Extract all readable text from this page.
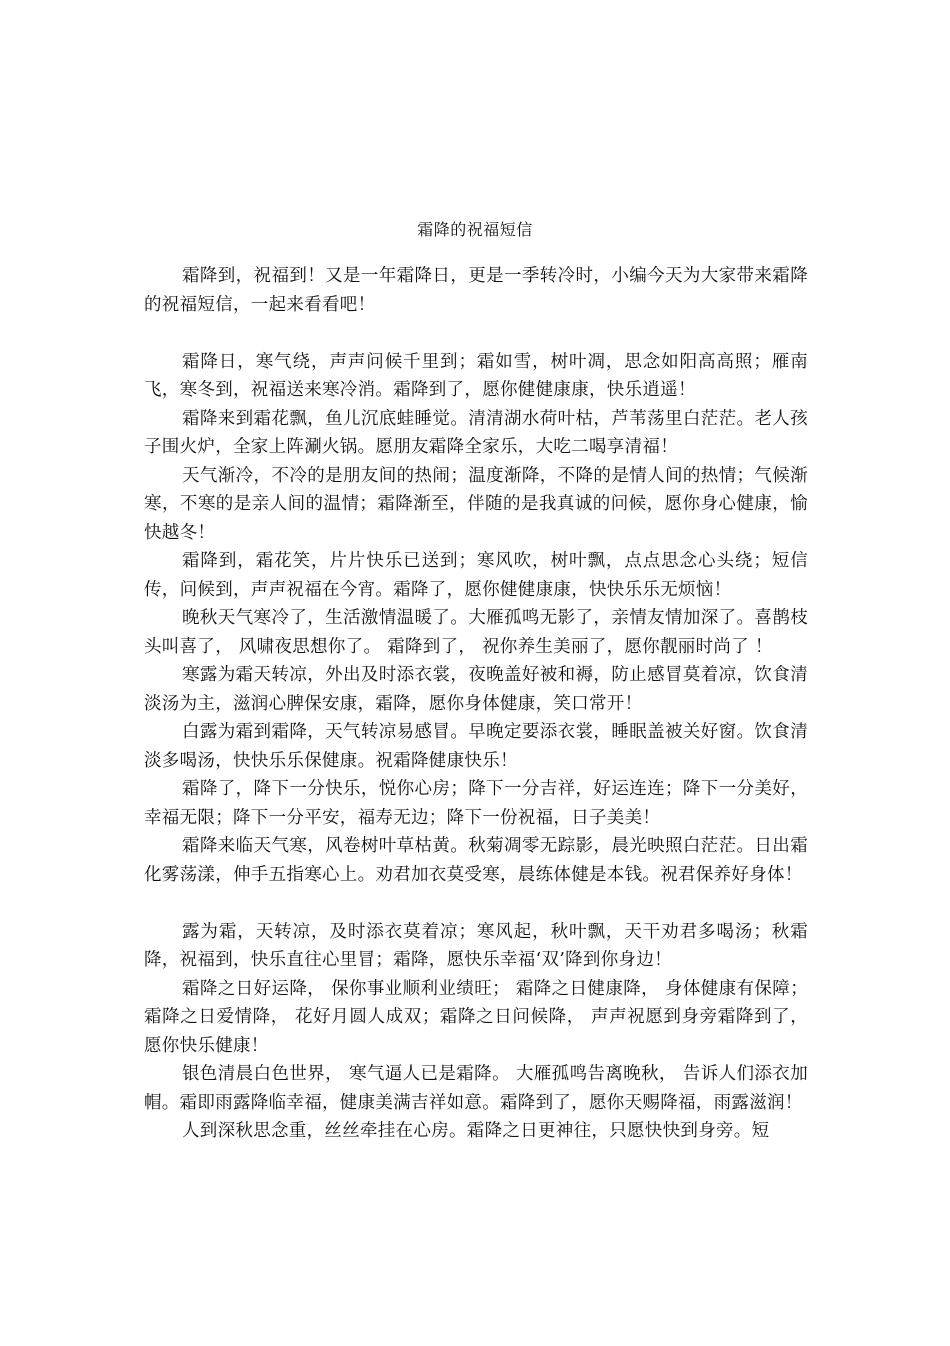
霜降的祝福短信

霜降到，祝福到！又是一年霜降日，更是一季转冷时，小编今天为大家带来霜降的祝福短信，一起来看看吧！

霜降日，寒气绕，声声问候千里到；霜如雪，树叶凋，思念如阳高高照；雁南飞，寒冬到，祝福送来寒冷消。霜降到了，愿你健健康康，快乐逍遥！

霜降来到霜花飘，鱼儿沉底蛙睡觉。清清湖水荷叶枯，芦苇荡里白茫茫。老人孩子围火炉，全家上阵涮火锅。愿朋友霜降全家乐，大吃二喝享清福！

天气渐冷，不冷的是朋友间的热闹；温度渐降，不降的是情人间的热情；气候渐寒，不寒的是亲人间的温情；霜降渐至，伴随的是我真诚的问候，愿你身心健康，愉快越冬！

霜降到，霜花笑，片片快乐已送到；寒风吹，树叶飘，点点思念心头绕；短信传，问候到，声声祝福在今宵。霜降了，愿你健健康康，快快乐乐无烦恼！

晚秋天气寒冷了，生活激情温暖了。大雁孤鸣无影了，亲情友情加深了。喜鹊枝头叫喜了， 风啸夜思想你了。 霜降到了， 祝你养生美丽了，愿你靓丽时尚了 ！

寒露为霜天转凉，外出及时添衣裳，夜晚盖好被和褥，防止感冒莫着凉，饮食清淡汤为主，滋润心脾保安康，霜降，愿你身体健康，笑口常开！

白露为霜到霜降，天气转凉易感冒。早晚定要添衣裳，睡眠盖被关好窗。饮食清淡多喝汤，快快乐乐保健康。祝霜降健康快乐！

霜降了，降下一分快乐，悦你心房；降下一分吉祥，好运连连；降下一分美好，幸福无限；降下一分平安，福寿无边；降下一份祝福，日子美美！

霜降来临天气寒，风卷树叶草枯黄。秋菊凋零无踪影，晨光映照白茫茫。日出霜化雾荡漾，伸手五指寒心上。劝君加衣莫受寒，晨练体健是本钱。祝君保养好身体！

露为霜，天转凉，及时添衣莫着凉；寒风起，秋叶飘，天干劝君多喝汤；秋霜降，祝福到，快乐直往心里冒；霜降，愿快乐幸福‘双’降到你身边！

霜降之日好运降， 保你事业顺利业绩旺； 霜降之日健康降， 身体健康有保障；霜降之日爱情降， 花好月圆人成双；霜降之日问候降， 声声祝愿到身旁霜降到了，愿你快乐健康！

银色清晨白色世界， 寒气逼人已是霜降。 大雁孤鸣告离晚秋， 告诉人们添衣加帽。霜即雨露降临幸福，健康美满吉祥如意。霜降到了，愿你天赐降福，雨露滋润！

人到深秋思念重，丝丝牵挂在心房。霜降之日更神往，只愿快快到身旁。短
